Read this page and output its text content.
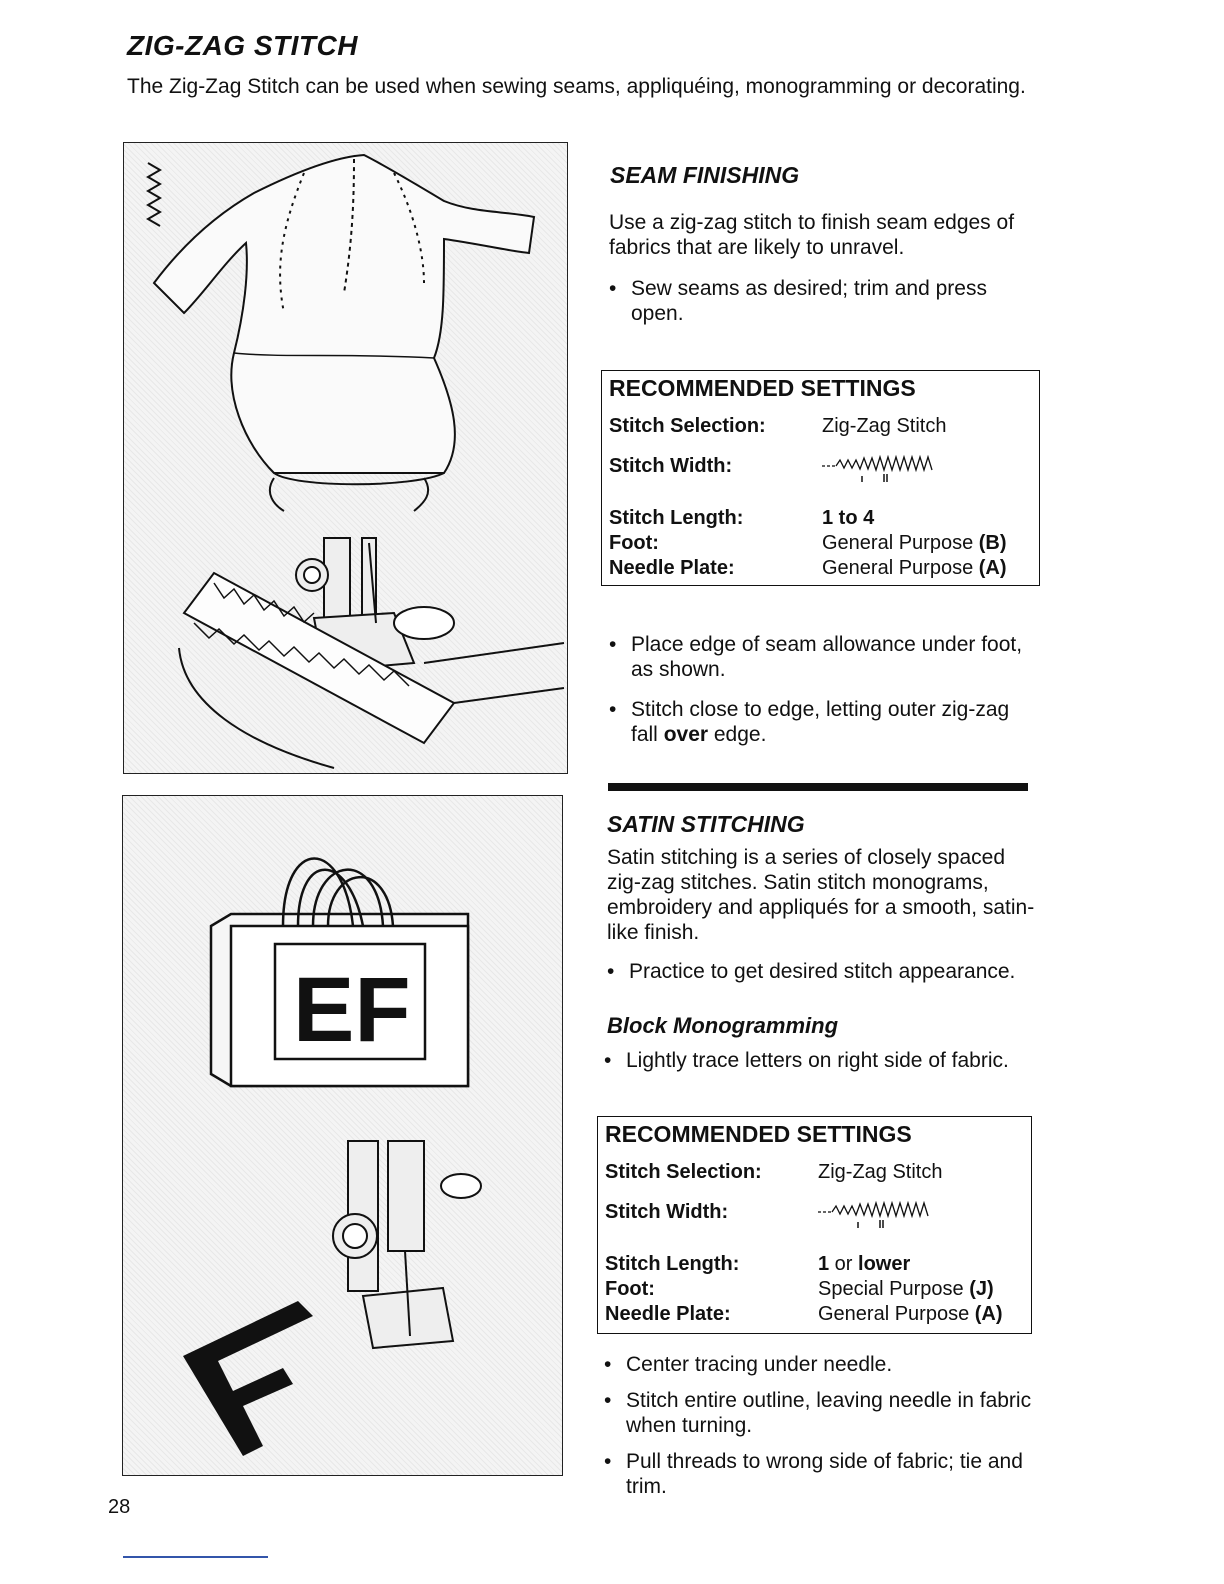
ZIG-ZAG STITCH

The Zig-Zag Stitch can be used when sewing seams, appliquéing, monogramming or decorating.

EF
SEAM FINISHING

Use a zig-zag stitch to finish seam edges of fabrics that are likely to unravel.

• Sew seams as desired; trim and press open.
RECOMMENDED SETTINGS
Stitch Selection:	Zig-Zag Stitch
Stitch Width:
Stitch Length:	1 to 4
Foot:	General Purpose (B)
Needle Plate:	General Purpose (A)
• Place edge of seam allowance under foot, as shown.
• Stitch close to edge, letting outer zig-zag fall over edge.
SATIN STITCHING

Satin stitching is a series of closely spaced zig-zag stitches. Satin stitch monograms, embroidery and appliqués for a smooth, satin-like finish.

• Practice to get desired stitch appearance.
Block Monogramming
• Lightly trace letters on right side of fabric.
RECOMMENDED SETTINGS
Stitch Selection:	Zig-Zag Stitch
Stitch Width:
Stitch Length:	1 or lower
Foot:	Special Purpose (J)
Needle Plate:	General Purpose (A)
• Center tracing under needle.
• Stitch entire outline, leaving needle in fabric when turning.
• Pull threads to wrong side of fabric; tie and trim.
28
